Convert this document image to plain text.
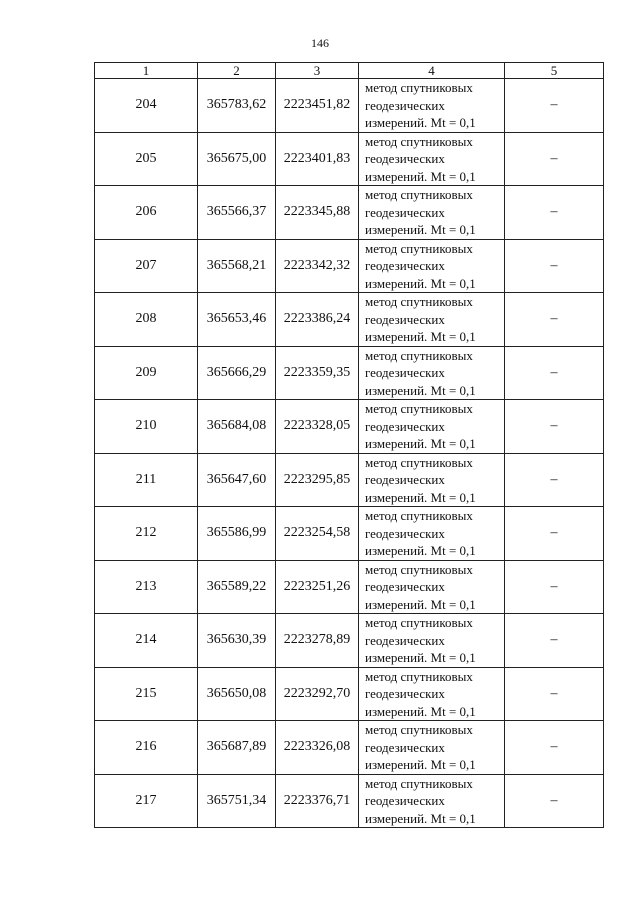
146
1	2	3	4	5
204	365783,62	2223451,82	метод спутниковых
геодезических
измерений. Mt = 0,1	–
205	365675,00	2223401,83	метод спутниковых
геодезических
измерений. Mt = 0,1	–
206	365566,37	2223345,88	метод спутниковых
геодезических
измерений. Mt = 0,1	–
207	365568,21	2223342,32	метод спутниковых
геодезических
измерений. Mt = 0,1	–
208	365653,46	2223386,24	метод спутниковых
геодезических
измерений. Mt = 0,1	–
209	365666,29	2223359,35	метод спутниковых
геодезических
измерений. Mt = 0,1	–
210	365684,08	2223328,05	метод спутниковых
геодезических
измерений. Mt = 0,1	–
211	365647,60	2223295,85	метод спутниковых
геодезических
измерений. Mt = 0,1	–
212	365586,99	2223254,58	метод спутниковых
геодезических
измерений. Mt = 0,1	–
213	365589,22	2223251,26	метод спутниковых
геодезических
измерений. Mt = 0,1	–
214	365630,39	2223278,89	метод спутниковых
геодезических
измерений. Mt = 0,1	–
215	365650,08	2223292,70	метод спутниковых
геодезических
измерений. Mt = 0,1	–
216	365687,89	2223326,08	метод спутниковых
геодезических
измерений. Mt = 0,1	–
217	365751,34	2223376,71	метод спутниковых
геодезических
измерений. Mt = 0,1	–
